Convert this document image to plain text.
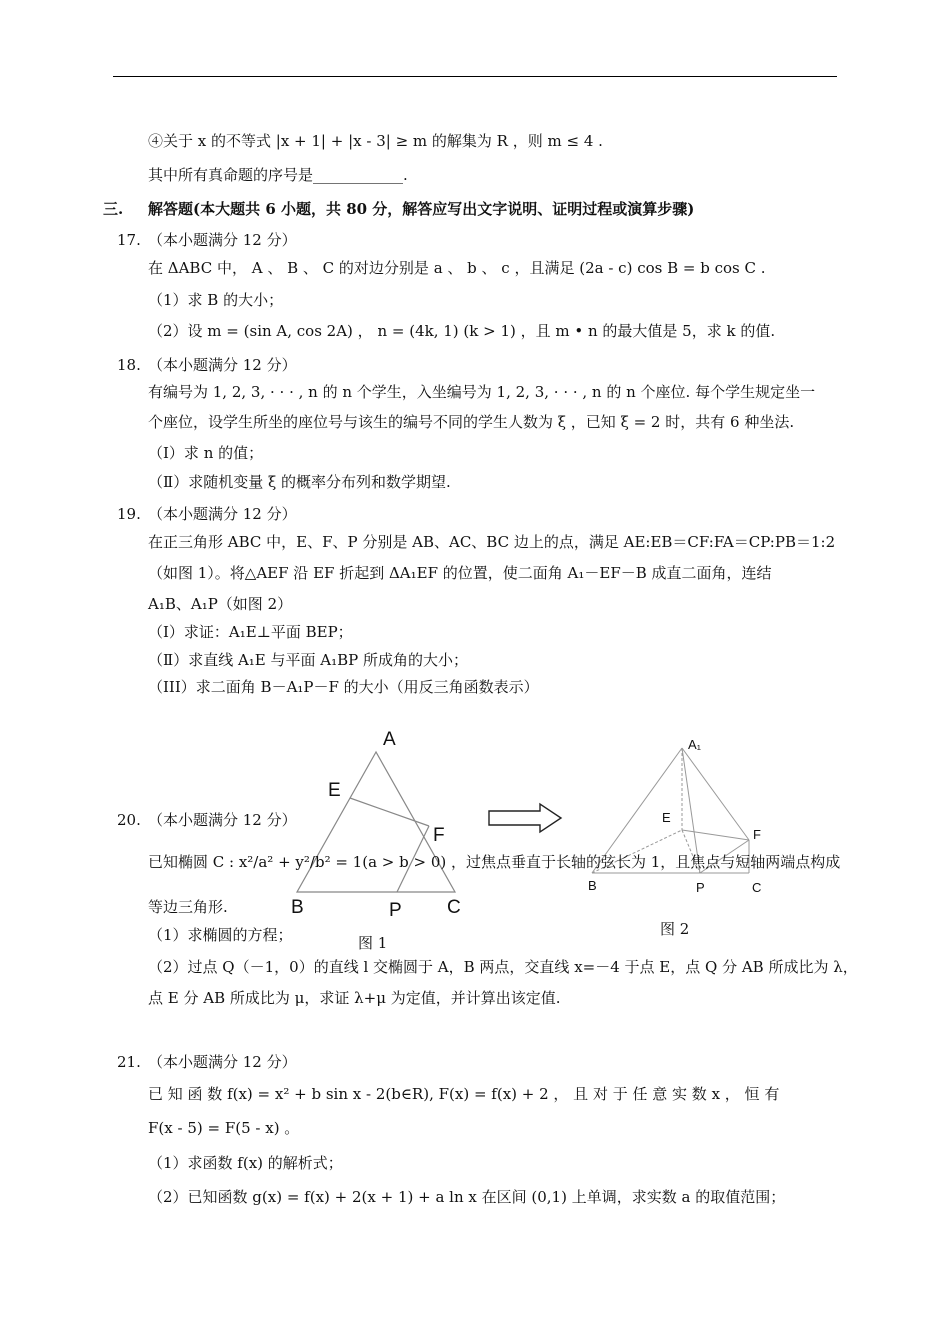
④关于 x 的不等式 |x + 1| + |x - 3| ≥ m 的解集为 R ，则 m ≤ 4 .
其中所有真命题的序号是____________.
三. 解答题(本大题共 6 小题，共 80 分，解答应写出文字说明、证明过程或演算步骤)
17. （本小题满分 12 分）
在 ΔABC 中， A 、 B 、 C 的对边分别是 a 、 b 、 c ，且满足 (2a - c) cos B = b cos C .
（1）求 B 的大小；
（2）设 m = (sin A, cos 2A) ， n = (4k, 1) (k > 1) ，且 m • n 的最大值是 5，求 k 的值.
18. （本小题满分 12 分）
有编号为 1, 2, 3, · · · , n 的 n 个学生，入坐编号为 1, 2, 3, · · · , n 的 n 个座位. 每个学生规定坐一
个座位，设学生所坐的座位号与该生的编号不同的学生人数为 ξ ，已知 ξ = 2 时，共有 6 种坐法.
（Ⅰ）求 n 的值；
（Ⅱ）求随机变量 ξ 的概率分布列和数学期望.
19. （本小题满分 12 分）
在正三角形 ABC 中，E、F、P 分别是 AB、AC、BC 边上的点，满足 AE:EB＝CF:FA＝CP:PB＝1:2
（如图 1）。将△AEF 沿 EF 折起到 ΔA₁EF 的位置，使二面角 A₁－EF－B 成直二面角，连结
A₁B、A₁P（如图 2）
（Ⅰ）求证：A₁E⊥平面 BEP；
（Ⅱ）求直线 A₁E 与平面 A₁BP 所成角的大小；
（III）求二面角 B－A₁P－F 的大小（用反三角函数表示）
A
E
F
B	P C
图 1
A₁
E
F
B	P	C
图 2
20. （本小题满分 12 分）
已知椭圆 C : x²/a² + y²/b² = 1(a > b > 0) ，过焦点垂直于长轴的弦长为 1，且焦点与短轴两端点构成
等边三角形.
（1）求椭圆的方程；
（2）过点 Q（－1，0）的直线 l 交椭圆于 A，B 两点，交直线 x=－4 于点 E，点 Q 分 AB 所成比为 λ，
点 E 分 AB 所成比为 μ，求证 λ+μ 为定值，并计算出该定值.
21. （本小题满分 12 分）
已 知 函 数 f(x) = x² + b sin x - 2(b∈R), F(x) = f(x) + 2 ， 且 对 于 任 意 实 数 x ， 恒 有
F(x - 5) = F(5 - x) 。
（1）求函数 f(x) 的解析式；
（2）已知函数 g(x) = f(x) + 2(x + 1) + a ln x 在区间 (0,1) 上单调，求实数 a 的取值范围；
